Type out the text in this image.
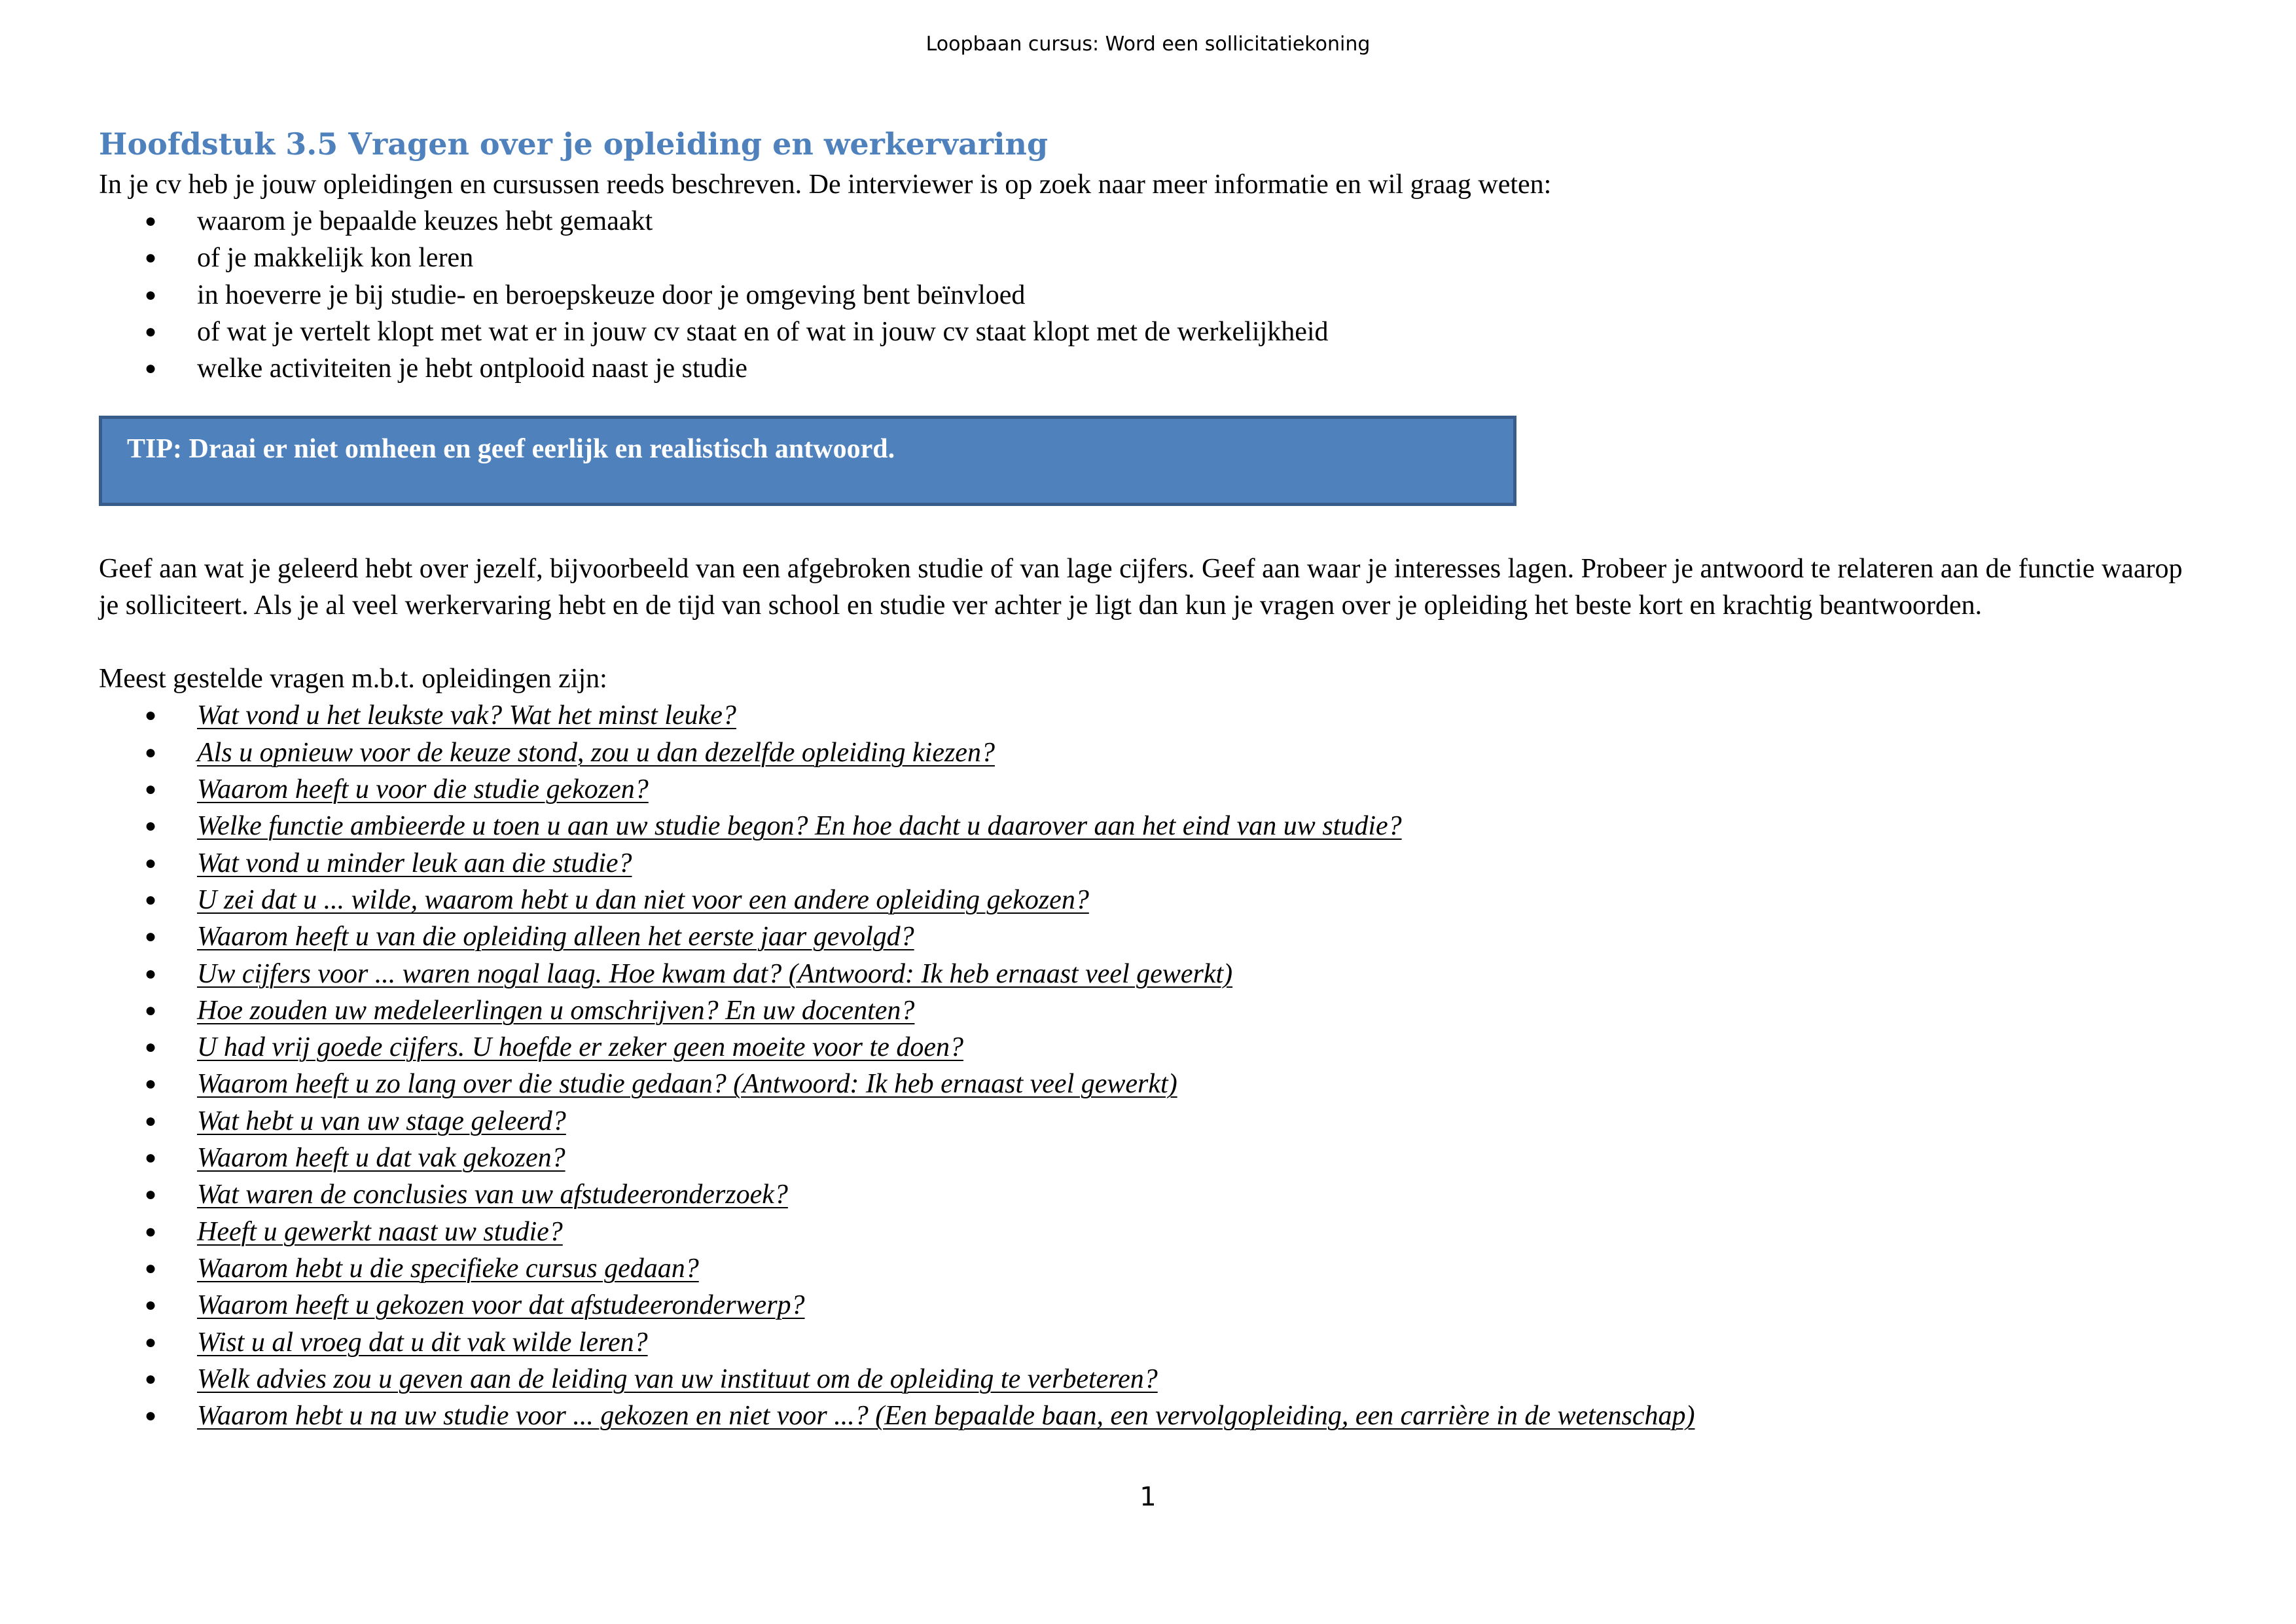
Loopbaan cursus: Word een sollicitatiekoning

Hoofdstuk 3.5 Vragen over je opleiding en werkervaring

In je cv heb je jouw opleidingen en cursussen reeds beschreven. De interviewer is op zoek naar meer informatie en wil graag weten:

● waarom je bepaalde keuzes hebt gemaakt
● of je makkelijk kon leren
● in hoeverre je bij studie- en beroepskeuze door je omgeving bent beïnvloed
● of wat je vertelt klopt met wat er in jouw cv staat en of wat in jouw cv staat klopt met de werkelijkheid
● welke activiteiten je hebt ontplooid naast je studie
TIP: Draai er niet omheen en geef eerlijk en realistisch antwoord.

Geef aan wat je geleerd hebt over jezelf, bijvoorbeeld van een afgebroken studie of van lage cijfers. Geef aan waar je interesses lagen. Probeer je antwoord te relateren aan de functie waarop je solliciteert. Als je al veel werkervaring hebt en de tijd van school en studie ver achter je ligt dan kun je vragen over je opleiding het beste kort en krachtig beantwoorden.

Meest gestelde vragen m.b.t. opleidingen zijn:

● Wat vond u het leukste vak? Wat het minst leuke?
● Als u opnieuw voor de keuze stond, zou u dan dezelfde opleiding kiezen?
● Waarom heeft u voor die studie gekozen?
● Welke functie ambieerde u toen u aan uw studie begon? En hoe dacht u daarover aan het eind van uw studie?
● Wat vond u minder leuk aan die studie?
● U zei dat u ... wilde, waarom hebt u dan niet voor een andere opleiding gekozen?
● Waarom heeft u van die opleiding alleen het eerste jaar gevolgd?
● Uw cijfers voor ... waren nogal laag. Hoe kwam dat? (Antwoord: Ik heb ernaast veel gewerkt)
● Hoe zouden uw medeleerlingen u omschrijven? En uw docenten?
● U had vrij goede cijfers. U hoefde er zeker geen moeite voor te doen?
● Waarom heeft u zo lang over die studie gedaan? (Antwoord: Ik heb ernaast veel gewerkt)
● Wat hebt u van uw stage geleerd?
● Waarom heeft u dat vak gekozen?
● Wat waren de conclusies van uw afstudeeronderzoek?
● Heeft u gewerkt naast uw studie?
● Waarom hebt u die specifieke cursus gedaan?
● Waarom heeft u gekozen voor dat afstudeeronderwerp?
● Wist u al vroeg dat u dit vak wilde leren?
● Welk advies zou u geven aan de leiding van uw instituut om de opleiding te verbeteren?
● Waarom hebt u na uw studie voor ... gekozen en niet voor ...? (Een bepaalde baan, een vervolgopleiding, een carrière in de wetenschap)

1
